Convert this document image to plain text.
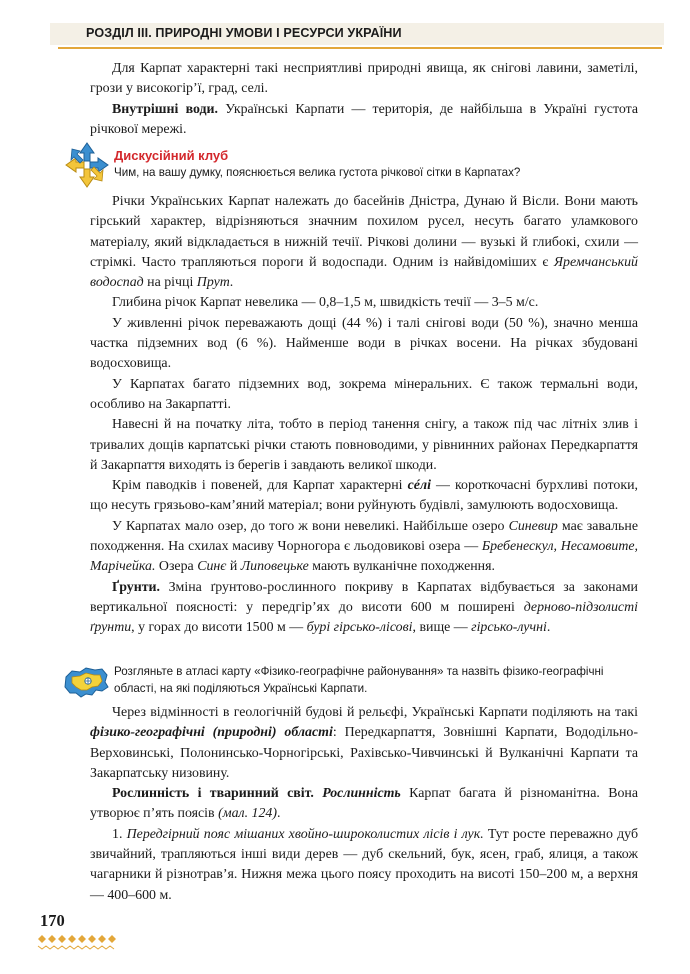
РОЗДІЛ ІІІ. ПРИРОДНІ УМОВИ І РЕСУРСИ УКРАЇНИ

Для Карпат характерні такі несприятливі природні явища, як снігові лавини, заметілі, грози у високогір’ї, град, селі.

Внутрішні води. Українські Карпати — територія, де найбільша в Україні густота річкової мережі.

Дискусійний клуб
Чим, на вашу думку, пояснюється велика густота річкової сітки в Карпатах?

Річки Українських Карпат належать до басейнів Дністра, Дунаю й Вісли. Вони мають гірський характер, відрізняються значним похилом русел, несуть багато уламкового матеріалу, який відкладається в нижній течії. Річкові долини — вузькі й глибокі, схили — стрімкі. Часто трапляються пороги й водоспади. Одним із найвідоміших є Яремчанський водоспад на річці Прут.

Глибина річок Карпат невелика — 0,8–1,5 м, швидкість течії — 3–5 м/с.

У живленні річок переважають дощі (44 %) і талі снігові води (50 %), значно менша частка підземних вод (6 %). Найменше води в річках восени. На річках збудовані водосховища.

У Карпатах багато підземних вод, зокрема мінеральних. Є також термальні води, особливо на Закарпатті.

Навесні й на початку літа, тобто в період танення снігу, а також під час літніх злив і тривалих дощів карпатські річки стають повноводими, у рівнинних районах Передкарпаття й Закарпаття виходять із берегів і завдають великої шкоди.

Крім паводків і повеней, для Карпат характерні сéлі — короткочасні бурхливі потоки, що несуть грязьово-кам’яний матеріал; вони руйнують будівлі, замулюють водосховища.

У Карпатах мало озер, до того ж вони невеликі. Найбільше озеро Синевир має завальне походження. На схилах масиву Чорногора є льодовикові озера — Бребенескул, Несамовите, Марічейка. Озера Синє й Липовецьке мають вулканічне походження.

Ґрунти. Зміна ґрунтово-рослинного покриву в Карпатах відбувається за законами вертикальної поясності: у передгір’ях до висоти 600 м поширені дерново-підзолисті ґрунти, у горах до висоти 1500 м — бурі гірсько-лісові, вище — гірсько-лучні.

Розгляньте в атласі карту «Фізико-географічне районування» та назвіть фізико-географічні області, на які поділяються Українські Карпати.

Через відмінності в геологічній будові й рельєфі, Українські Карпати поділяють на такі фізико-географічні (природні) області: Передкарпаття, Зовнішні Карпати, Вододільно-Верховинські, Полонинсько-Чорногірські, Рахівсько-Чивчинські й Вулканічні Карпати та Закарпатську низовину.

Рослинність і тваринний світ. Рослинність Карпат багата й різноманітна. Вона утворює п’ять поясів (мал. 124).

1. Передгірний пояс мішаних хвойно-широколистих лісів і лук. Тут росте переважно дуб звичайний, трапляються інші види дерев — дуб скельний, бук, ясен, граб, ялиця, а також чагарники й різнотрав’я. Нижня межа цього поясу проходить на висоті 150–200 м, а верхня — 400–600 м.

170
